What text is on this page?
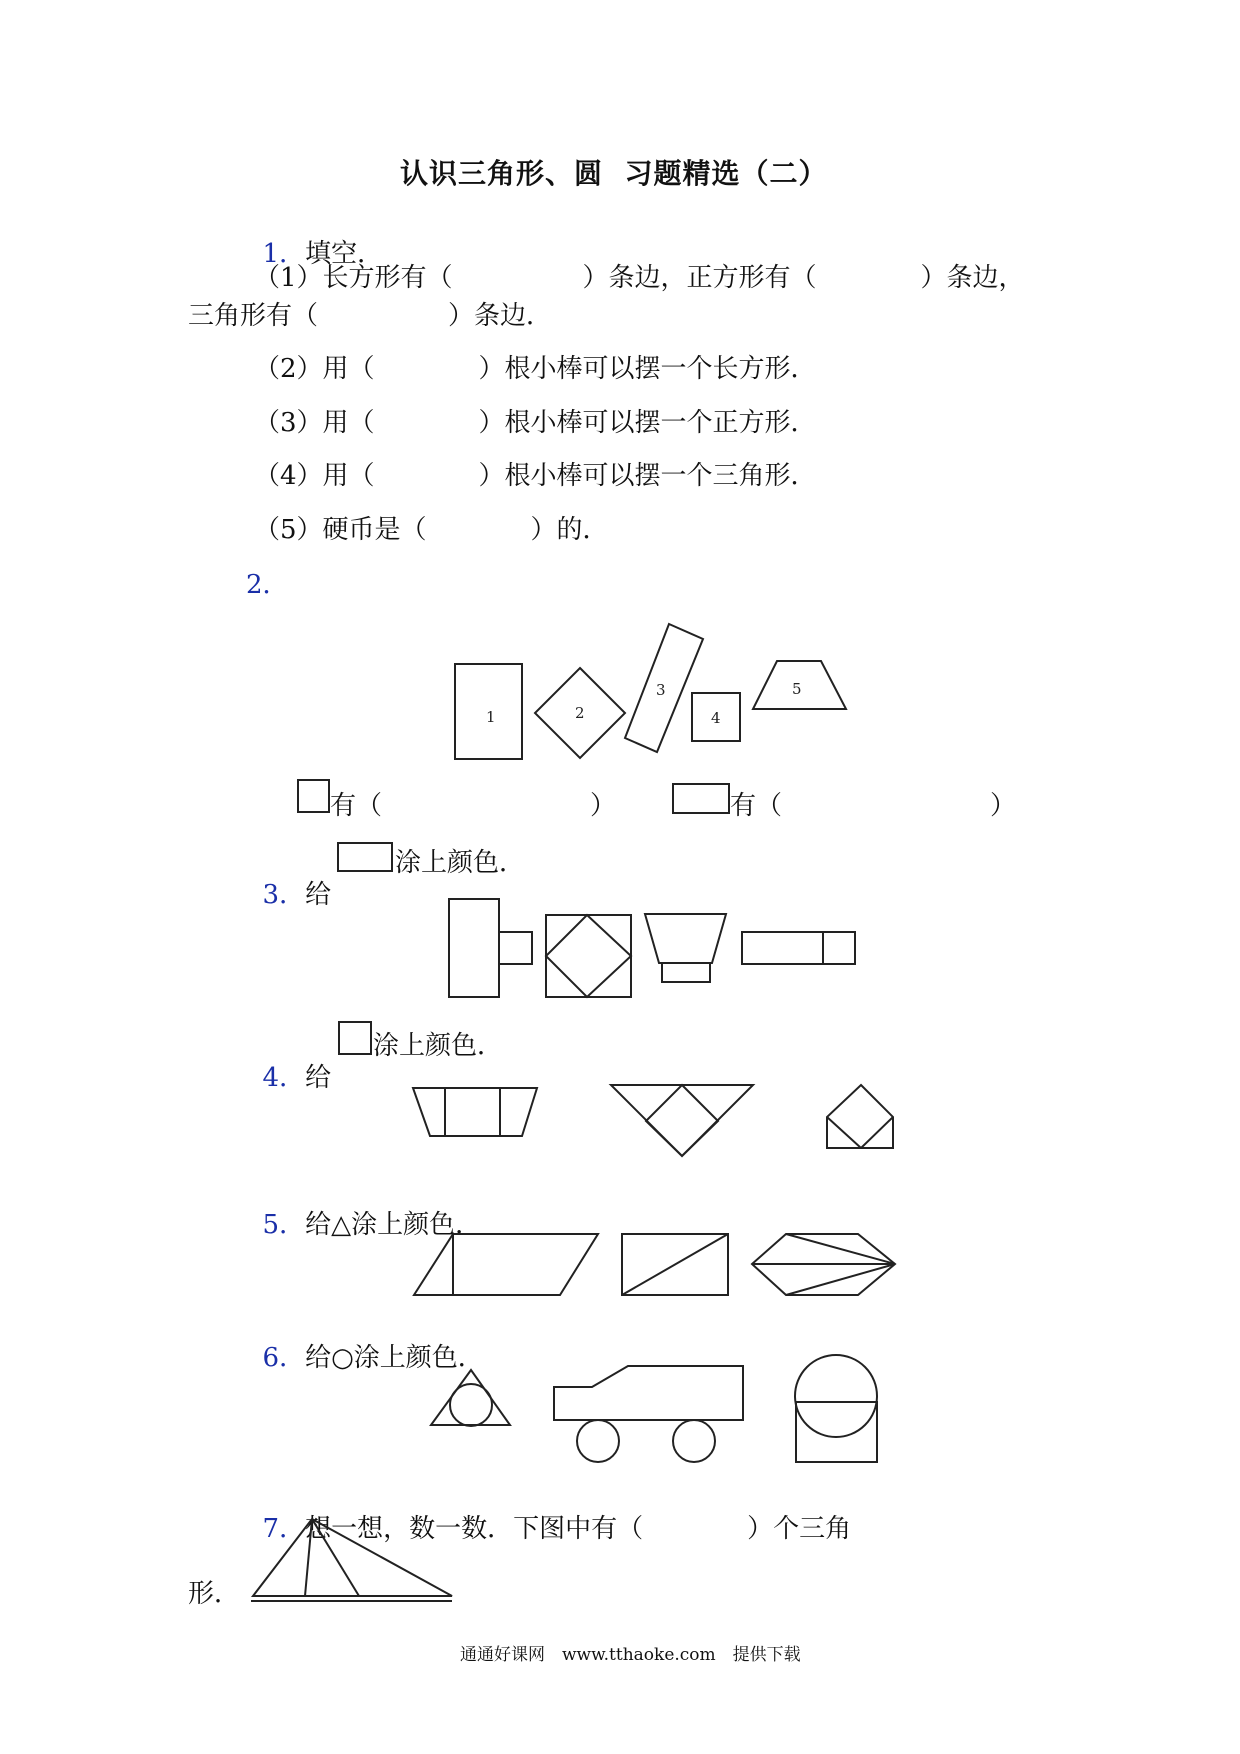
认识三角形、圆  习题精选（二）

1．填空．

（1）长方形有（　　　　　）条边，正方形有（　　　　）条边，
三角形有（　　　　　）条边．
（2）用（　　　　）根小棒可以摆一个长方形．
（3）用（　　　　）根小棒可以摆一个正方形．
（4）用（　　　　）根小棒可以摆一个三角形．
（5）硬币是（　　　　）的．
2．
1	2
3
4
5
有（　　　　　　　　）	有（　　　　　　　　）

3．给

涂上颜色．

4．给

涂上颜色．

5．给△涂上颜色．

6．给○涂上颜色．

7．想一想，数一数．下图中有（　　　　）个三角

形．
通通好课网　www.tthaoke.com　提供下载
